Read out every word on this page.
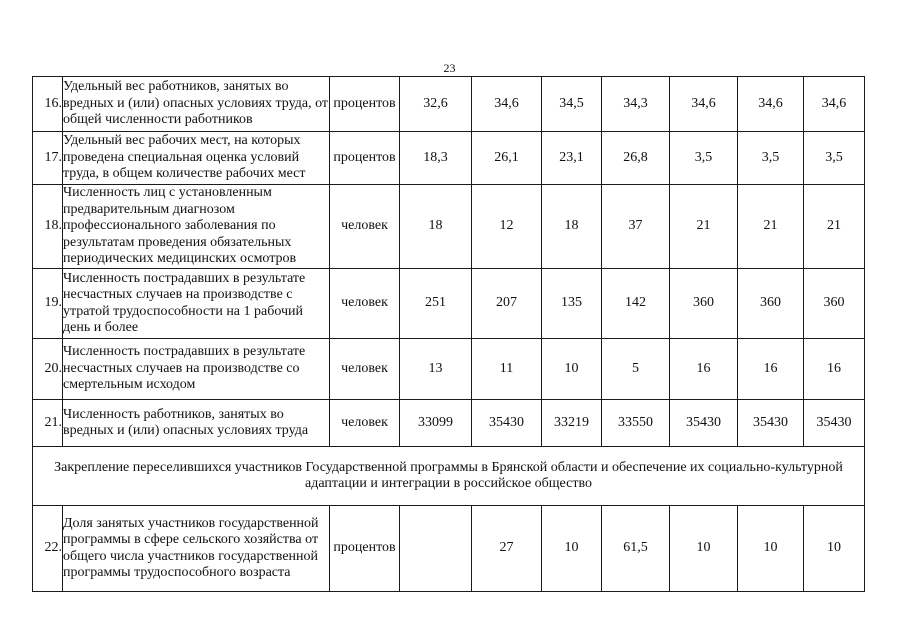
23
16.	Удельный вес работников, занятых во вредных и (или) опасных условиях труда, от общей численности работников	процентов	32,6	34,6	34,5	34,3	34,6	34,6	34,6
17.	Удельный вес рабочих мест, на которых проведена специальная оценка условий труда, в общем количестве рабочих мест	процентов	18,3	26,1	23,1	26,8	3,5	3,5	3,5
18.	Численность лиц с установленным предварительным диагнозом профессионального заболевания по результатам проведения обязательных периодических медицинских осмотров	человек	18	12	18	37	21	21	21
19.	Численность пострадавших в результате несчастных случаев на производстве с утратой трудоспособности на 1 рабочий день и более	человек	251	207	135	142	360	360	360
20.	Численность пострадавших в результате несчастных случаев на производстве со смертельным исходом	человек	13	11	10	5	16	16	16
21.	Численность работников, занятых во вредных и (или) опасных условиях труда	человек	33099	35430	33219	33550	35430	35430	35430
Закрепление переселившихся участников Государственной программы в Брянской области и обеспечение их социально-культурной адаптации и интеграции в российское общество									
22.	Доля занятых участников государственной программы в сфере сельского хозяйства от общего числа участников государственной программы трудоспособного возраста	процентов		27	10	61,5	10	10	10
